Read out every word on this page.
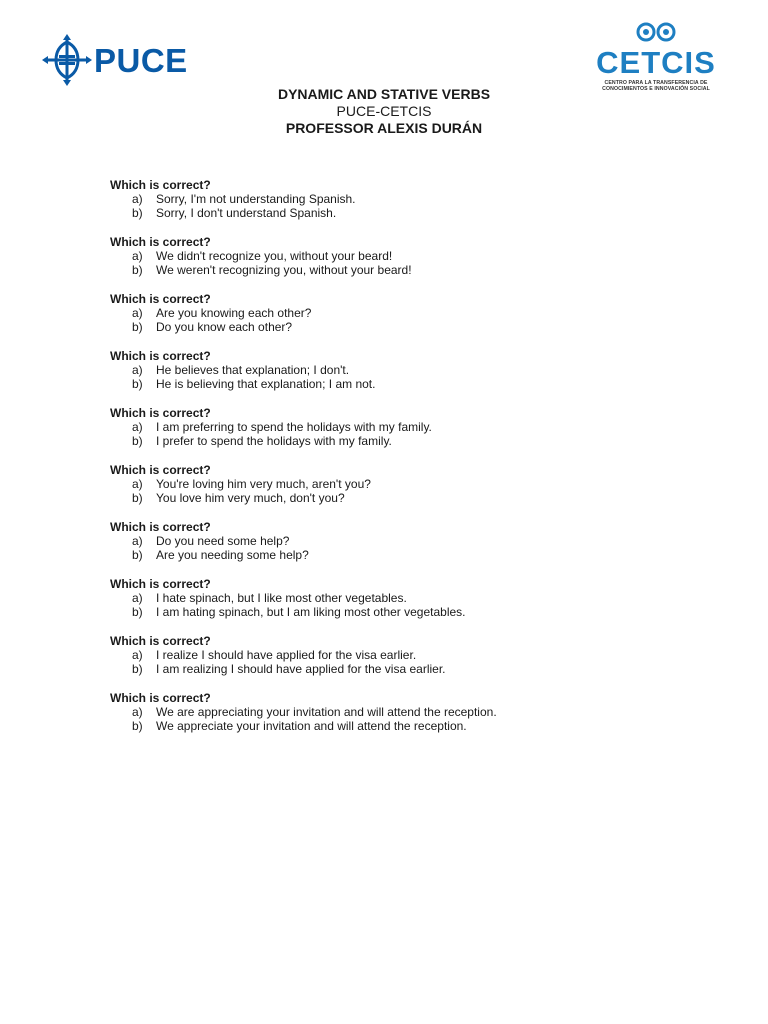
PUCE	CETCIS
CENTRO PARA LA TRANSFERENCIA DE
CONOCIMIENTOS E INNOVACIÓN SOCIAL
DYNAMIC AND STATIVE VERBS
PUCE-CETCIS
PROFESSOR ALEXIS DURÁN
Which is correct?
a)	Sorry, I'm not understanding Spanish.
b)	Sorry, I don't understand Spanish.
Which is correct?
a)	We didn't recognize you, without your beard!
b)	We weren't recognizing you, without your beard!
Which is correct?
a)	Are you knowing each other?
b)	Do you know each other?
Which is correct?
a)	He believes that explanation; I don't.
b)	He is believing that explanation; I am not.
Which is correct?
a)	I am preferring to spend the holidays with my family.
b)	I prefer to spend the holidays with my family.
Which is correct?
a)	You're loving him very much, aren't you?
b)	You love him very much, don't you?
Which is correct?
a)	Do you need some help?
b)	Are you needing some help?
Which is correct?
a)	I hate spinach, but I like most other vegetables.
b)	I am hating spinach, but I am liking most other vegetables.
Which is correct?
a)	I realize I should have applied for the visa earlier.
b)	I am realizing I should have applied for the visa earlier.
Which is correct?
a)	We are appreciating your invitation and will attend the reception.
b)	We appreciate your invitation and will attend the reception.
